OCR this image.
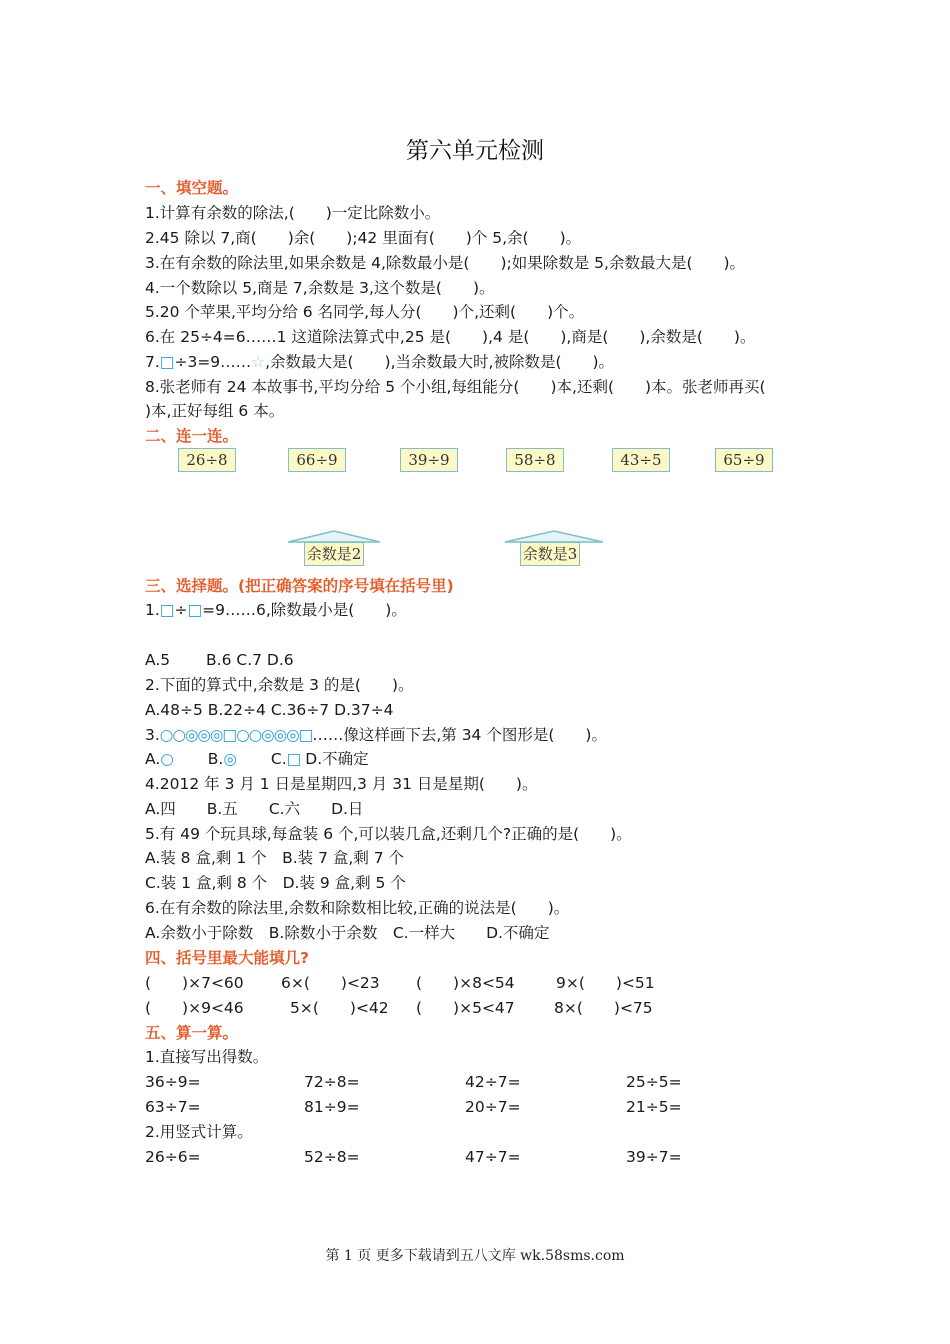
第六单元检测
一、填空题。
1.计算有余数的除法,(　　)一定比除数小。
2.45 除以 7,商(　　)余(　　);42 里面有(　　)个 5,余(　　)。
3.在有余数的除法里,如果余数是 4,除数最小是(　　);如果除数是 5,余数最大是(　　)。
4.一个数除以 5,商是 7,余数是 3,这个数是(　　)。
5.20 个苹果,平均分给 6 名同学,每人分(　　)个,还剩(　　)个。
6.在 25÷4=6……1 这道除法算式中,25 是(　　),4 是(　　),商是(　　),余数是(　　)。
7.□÷3=9……☆,余数最大是(　　),当余数最大时,被除数是(　　)。
8.张老师有 24 本故事书,平均分给 5 个小组,每组能分(　　)本,还剩(　　)本。张老师再买(
)本,正好每组 6 本。
二、连一连。
26÷8	66÷9	39÷9	58÷8	43÷5	65÷9
余数是2	余数是3
三、选择题。(把正确答案的序号填在括号里)
1.□÷□=9……6,除数最小是(　　)。
A.5　　 B.6 C.7 D.6
2.下面的算式中,余数是 3 的是(　　)。
A.48÷5 B.22÷4 C.36÷7 D.37÷4
3.○○◎◎◎□○○◎◎◎□……像这样画下去,第 34 个图形是(　　)。
A.○ B.◎ C.□ D.不确定
4.2012 年 3 月 1 日是星期四,3 月 31 日是星期(　　)。
A.四　　B.五　　C.六　　D.日
5.有 49 个玩具球,每盒装 6 个,可以装几盒,还剩几个?正确的是(　　)。
A.装 8 盒,剩 1 个　B.装 7 盒,剩 7 个
C.装 1 盒,剩 8 个　D.装 9 盒,剩 5 个
6.在有余数的除法里,余数和除数相比较,正确的说法是(　　)。
A.余数小于除数　B.除数小于余数　C.一样大　　D.不确定
四、括号里最大能填几?
(　　)×7<60 6×(　　)<23 (　　)×8<54	9×(　　)<51
(　　)×9<46	5×(　　)<42 (　　)×5<47	8×(　　)<75
五、算一算。
1.直接写出得数。
36÷9=	72÷8=	42÷7=	25÷5=
63÷7=	81÷9=	20÷7=	21÷5=
2.用竖式计算。
26÷6=	52÷8=	47÷7=	39÷7=
第 1 页 更多下载请到五八文库 wk.58sms.com
